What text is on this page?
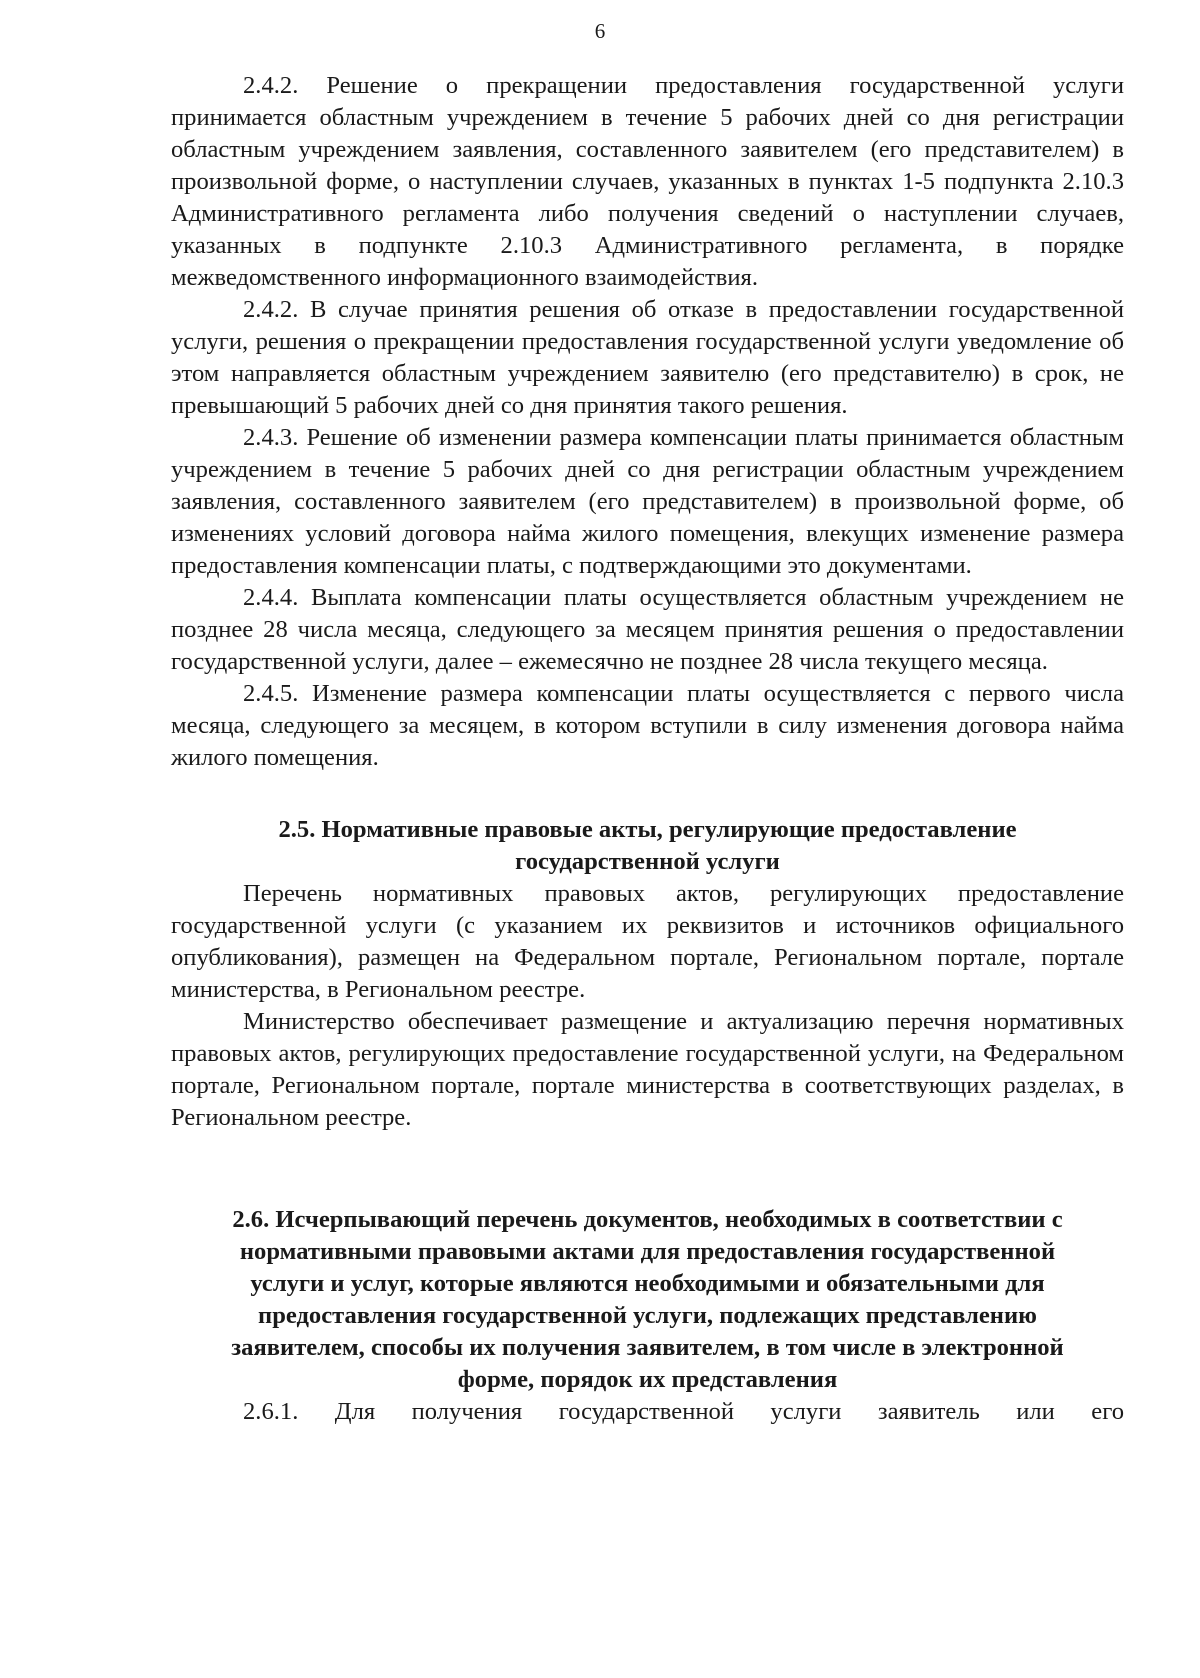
6

2.4.2. Решение о прекращении предоставления государственной услуги принимается областным учреждением в течение 5 рабочих дней со дня регистрации областным учреждением заявления, составленного заявителем (его представителем) в произвольной форме, о наступлении случаев, указанных в пунктах 1-5 подпункта 2.10.3 Административного регламента либо получения сведений о наступлении случаев, указанных в подпункте 2.10.3 Административного регламента, в порядке межведомственного информационного взаимодействия.

2.4.2. В случае принятия решения об отказе в предоставлении государственной услуги, решения о прекращении предоставления государственной услуги уведомление об этом направляется областным учреждением заявителю (его представителю) в срок, не превышающий 5 рабочих дней со дня принятия такого решения.

2.4.3. Решение об изменении размера компенсации платы принимается областным учреждением в течение 5 рабочих дней со дня регистрации областным учреждением заявления, составленного заявителем (его представителем) в произвольной форме, об изменениях условий договора найма жилого помещения, влекущих изменение размера предоставления компенсации платы, с подтверждающими это документами.

2.4.4. Выплата компенсации платы осуществляется областным учреждением не позднее 28 числа месяца, следующего за месяцем принятия решения о предоставлении государственной услуги, далее – ежемесячно не позднее 28 числа текущего месяца.

2.4.5. Изменение размера компенсации платы осуществляется с первого числа месяца, следующего за месяцем, в котором вступили в силу изменения договора найма жилого помещения.

2.5. Нормативные правовые акты, регулирующие предоставление
государственной услуги

Перечень нормативных правовых актов, регулирующих предоставление государственной услуги (с указанием их реквизитов и источников официального опубликования), размещен на Федеральном портале, Региональном портале, портале министерства, в Региональном реестре.

Министерство обеспечивает размещение и актуализацию перечня нормативных правовых актов, регулирующих предоставление государственной услуги, на Федеральном портале, Региональном портале, портале министерства в соответствующих разделах, в Региональном реестре.

2.6. Исчерпывающий перечень документов, необходимых в соответствии с
нормативными правовыми актами для предоставления государственной
услуги и услуг, которые являются необходимыми и обязательными для
предоставления государственной услуги, подлежащих представлению
заявителем, способы их получения заявителем, в том числе в электронной
форме, порядок их представления

2.6.1. Для получения государственной услуги заявитель или его
